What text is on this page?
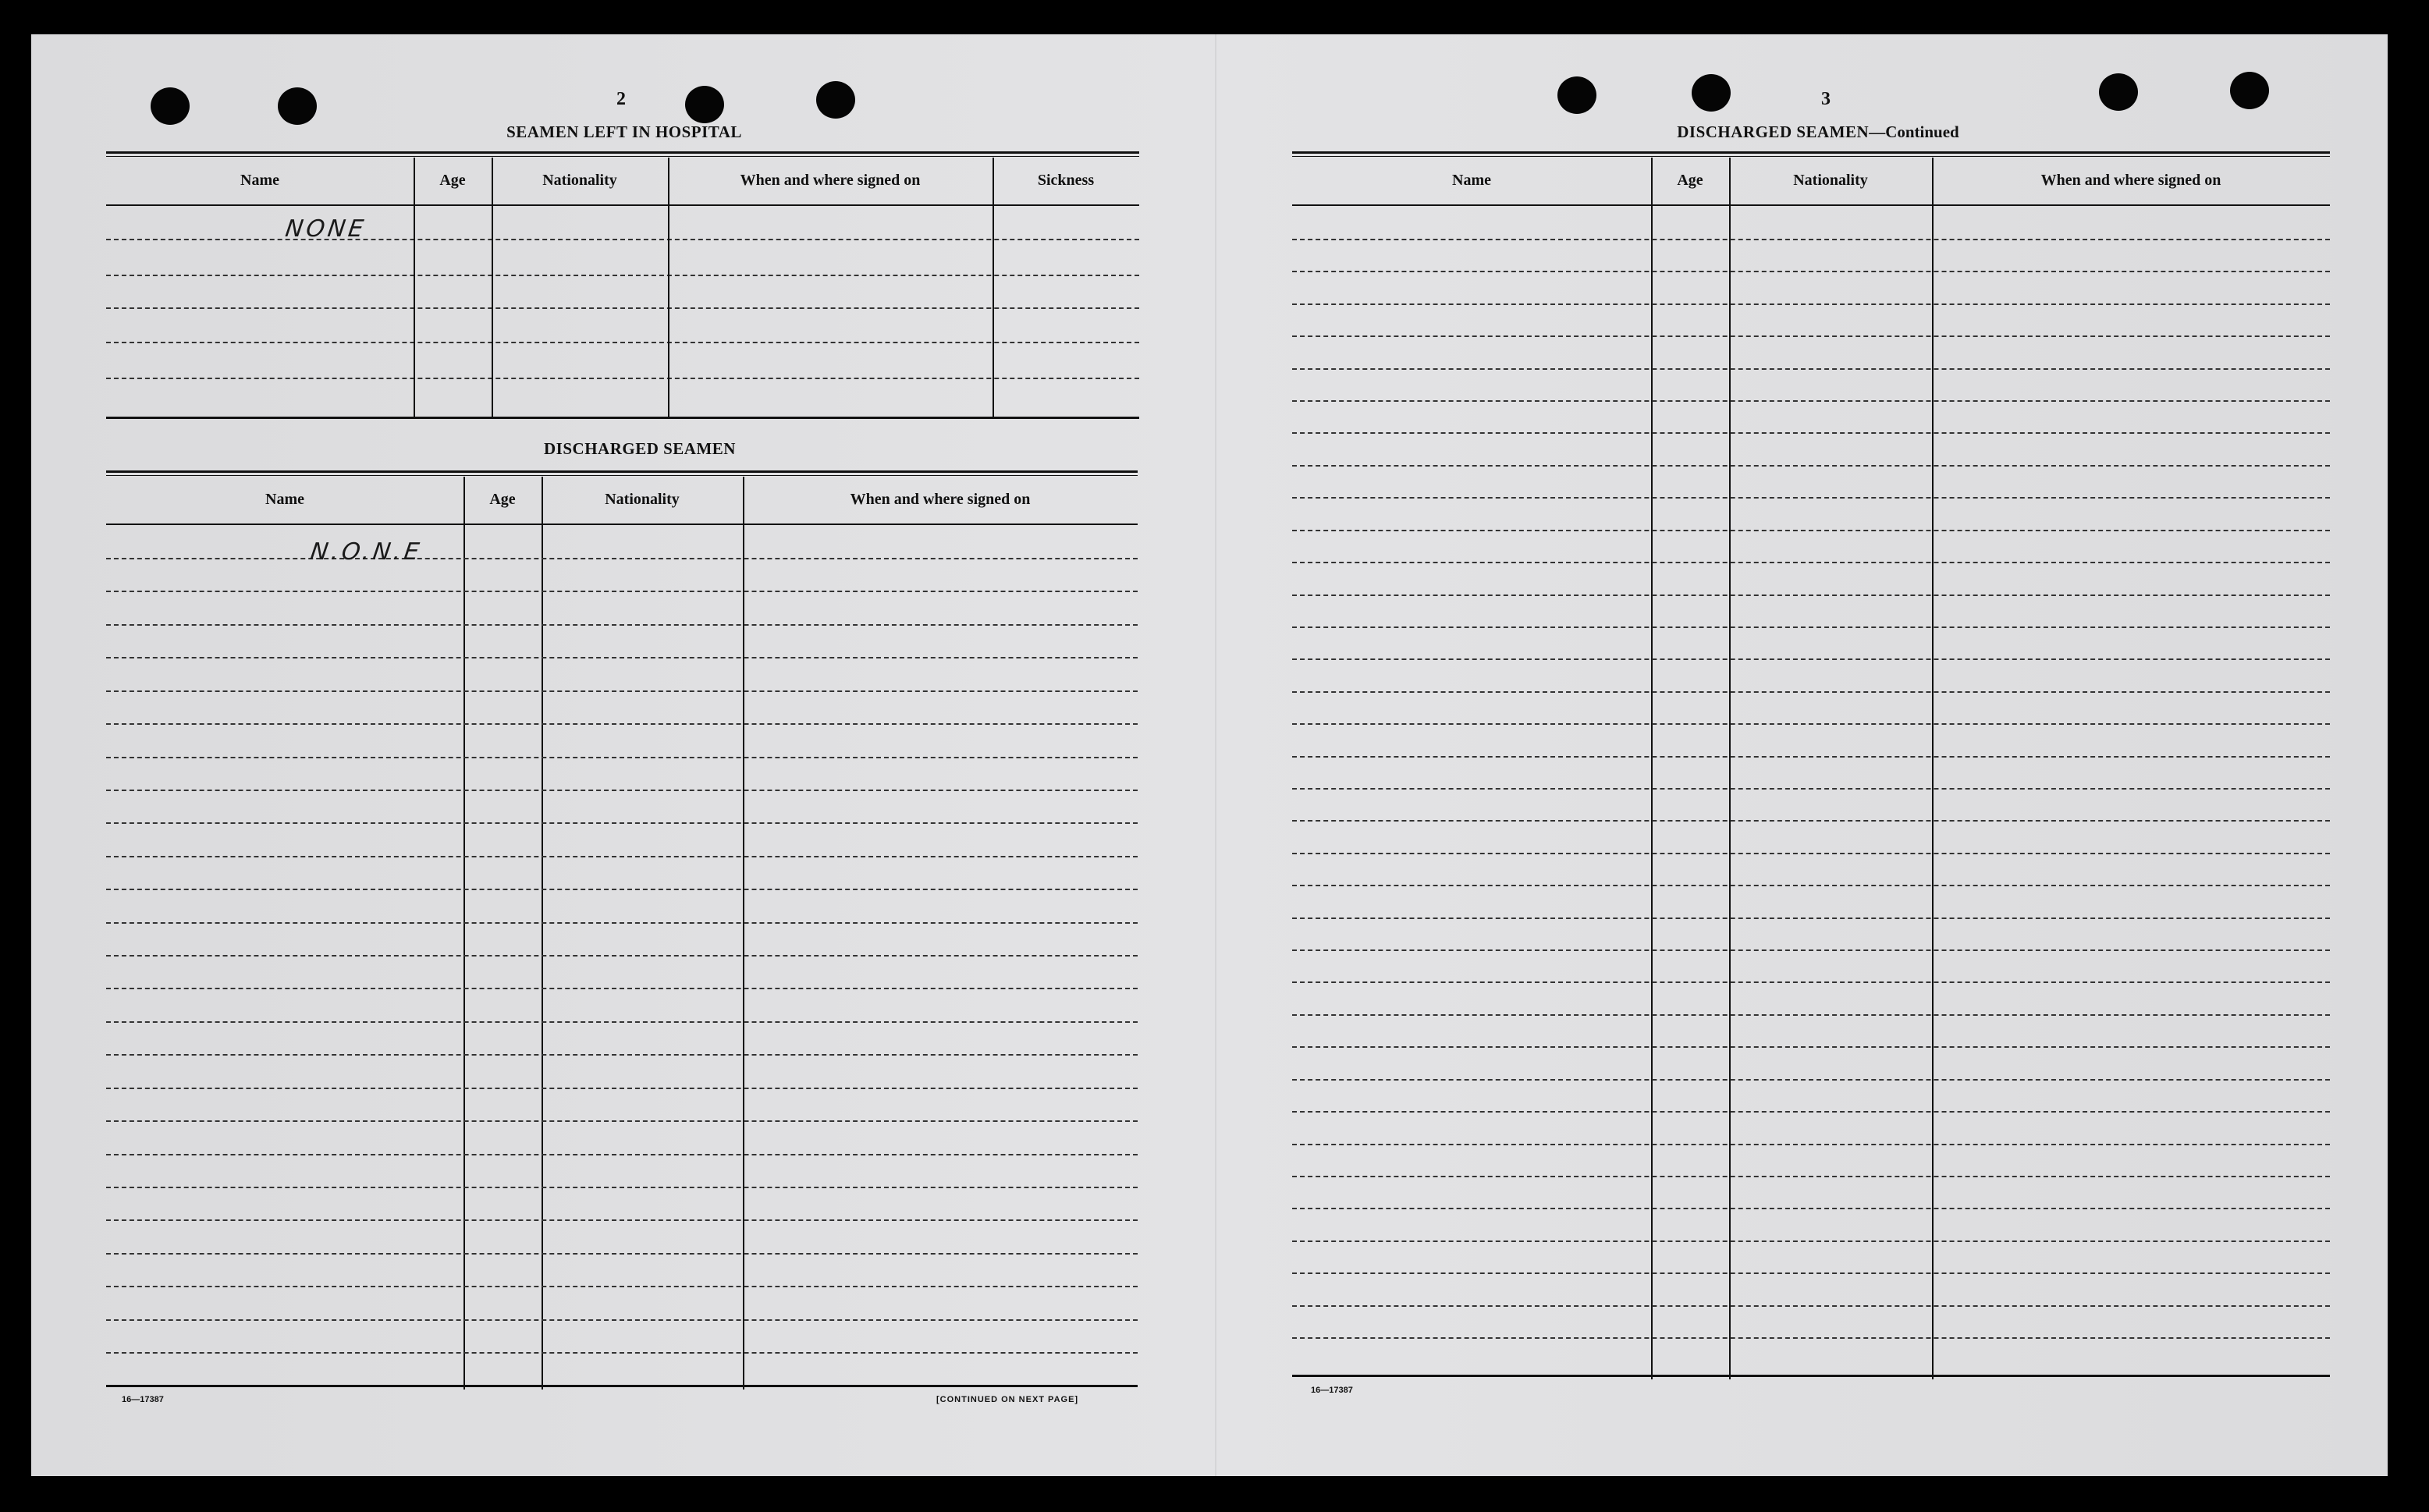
2
SEAMEN LEFT IN HOSPITAL
Name	Age	Nationality	When and where signed on	Sickness
NONE
DISCHARGED SEAMEN
Name	Age	Nationality	When and where signed on
N.O.N.E
16—17387	[CONTINUED ON NEXT PAGE]
3
DISCHARGED SEAMEN—Continued
Name	Age	Nationality	When and where signed on
16—17387
